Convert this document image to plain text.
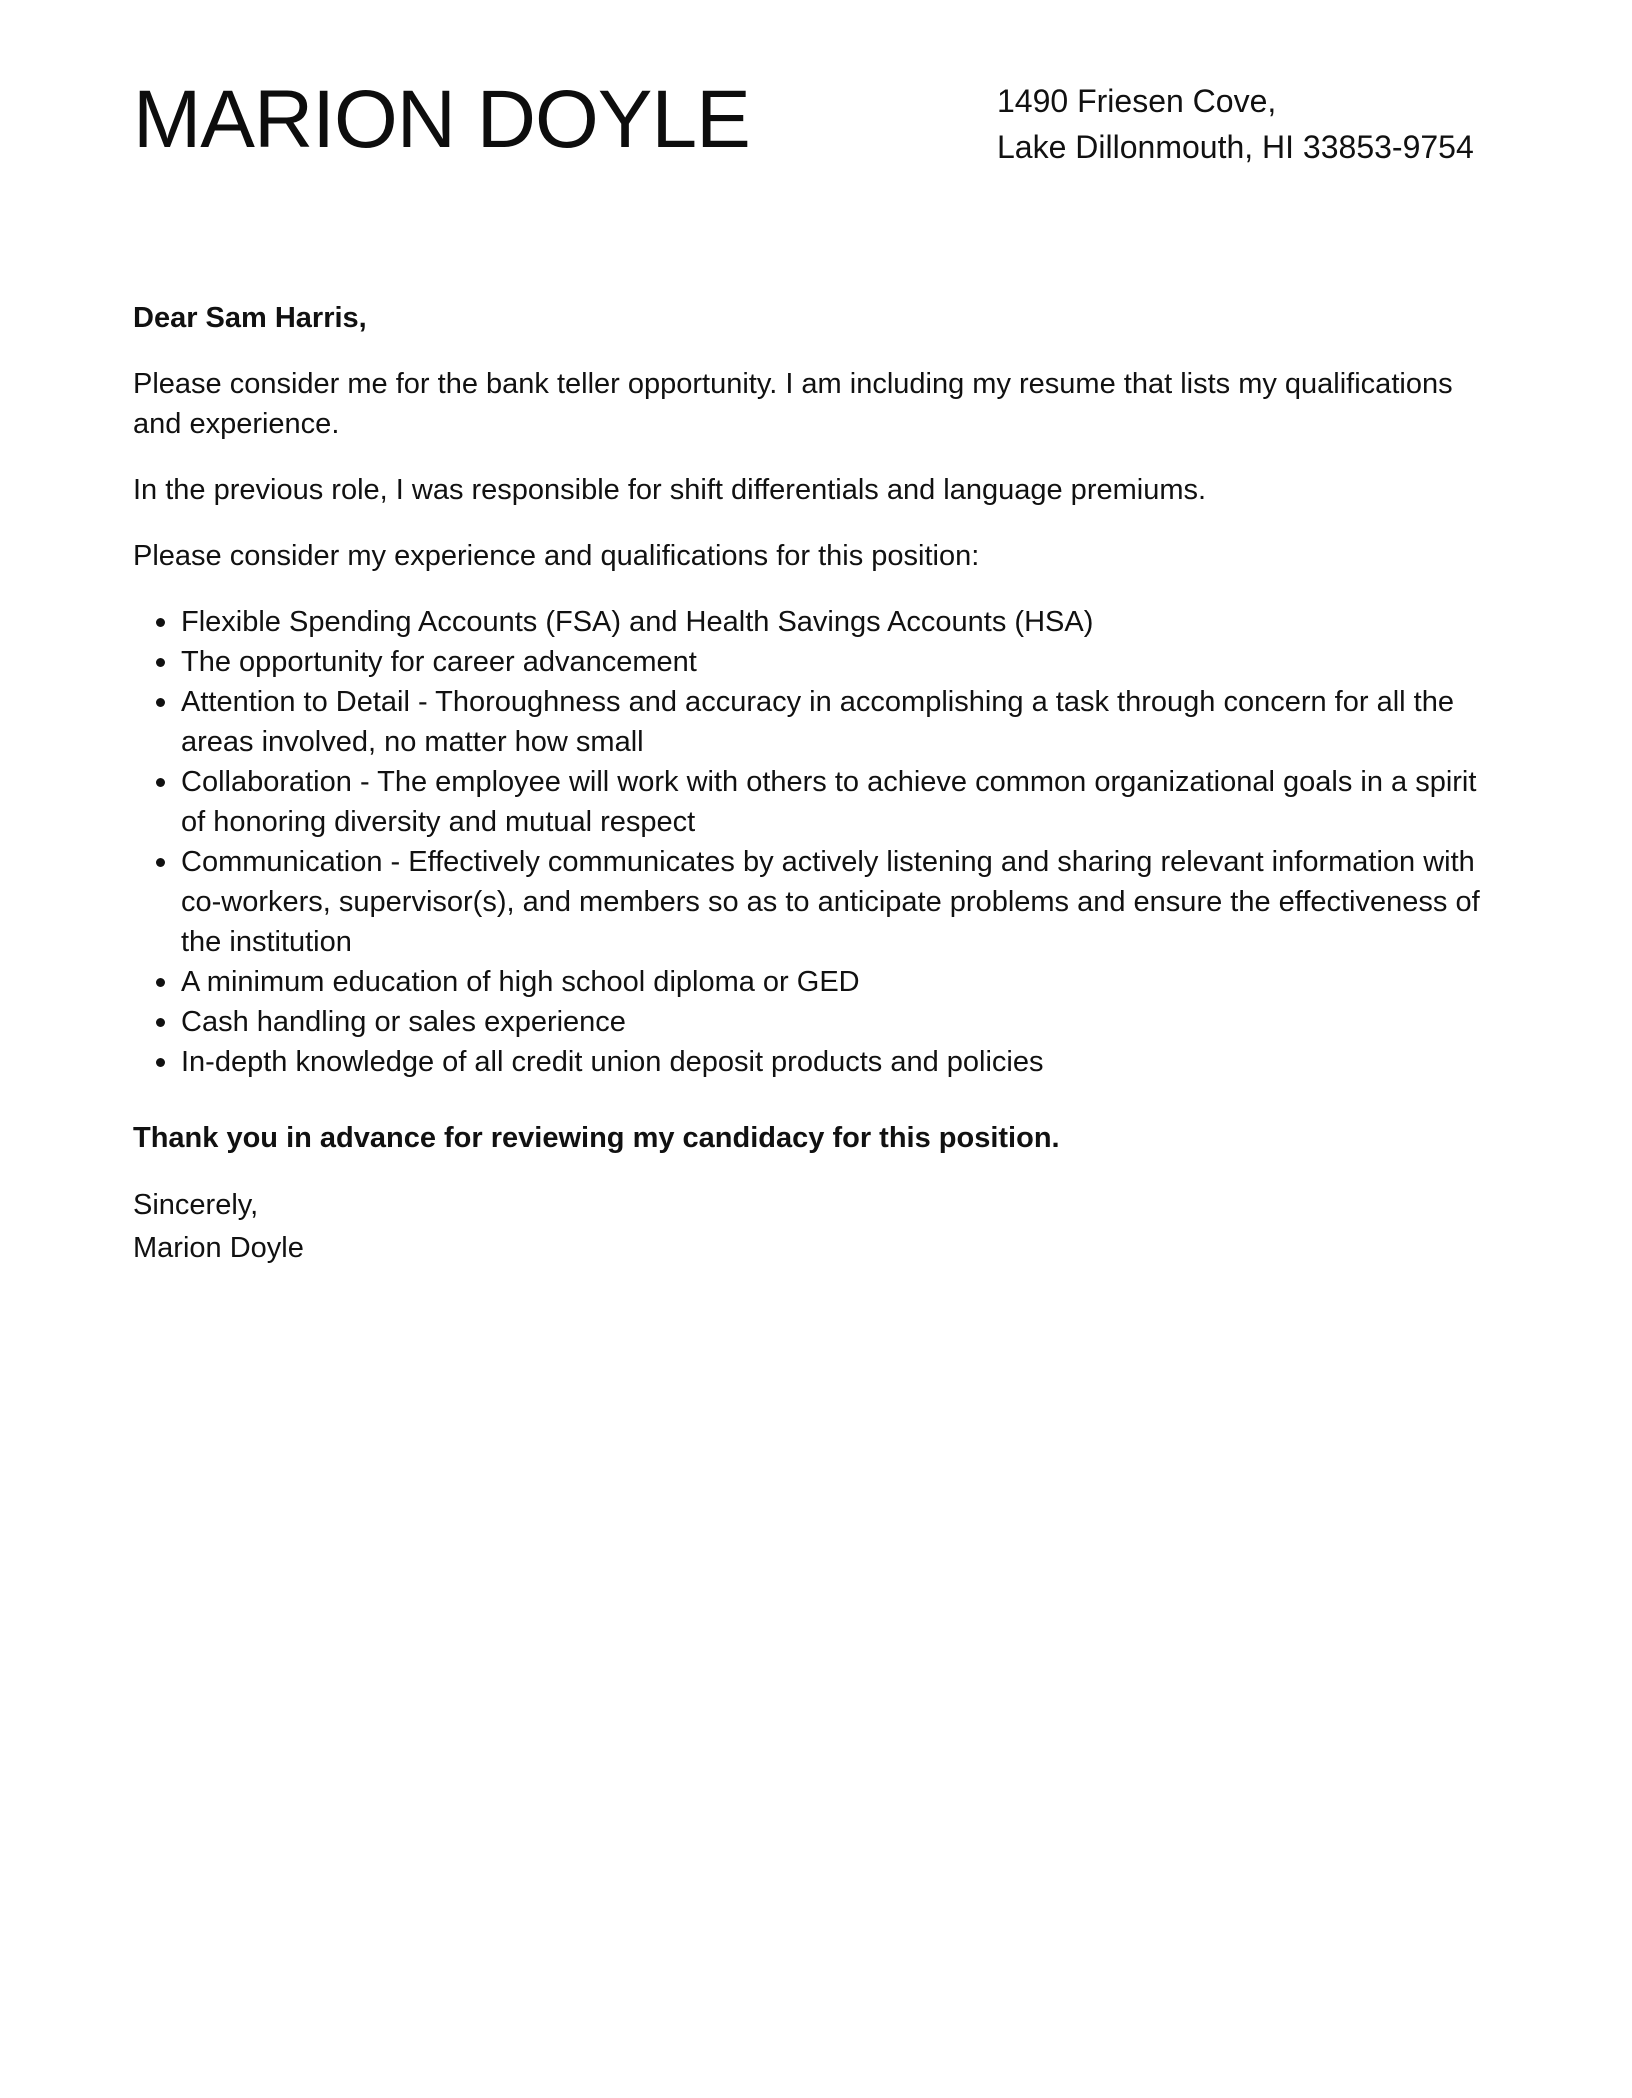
MARION DOYLE	1490 Friesen Cove,
Lake Dillonmouth, HI 33853-9754

Dear Sam Harris,

Please consider me for the bank teller opportunity. I am including my resume that lists my qualifications and experience.

In the previous role, I was responsible for shift differentials and language premiums.

Please consider my experience and qualifications for this position:

Flexible Spending Accounts (FSA) and Health Savings Accounts (HSA)
The opportunity for career advancement
Attention to Detail - Thoroughness and accuracy in accomplishing a task through concern for all the areas involved, no matter how small
Collaboration - The employee will work with others to achieve common organizational goals in a spirit of honoring diversity and mutual respect
Communication - Effectively communicates by actively listening and sharing relevant information with co-workers, supervisor(s), and members so as to anticipate problems and ensure the effectiveness of the institution
A minimum education of high school diploma or GED
Cash handling or sales experience
In-depth knowledge of all credit union deposit products and policies

Thank you in advance for reviewing my candidacy for this position.

Sincerely,
Marion Doyle
